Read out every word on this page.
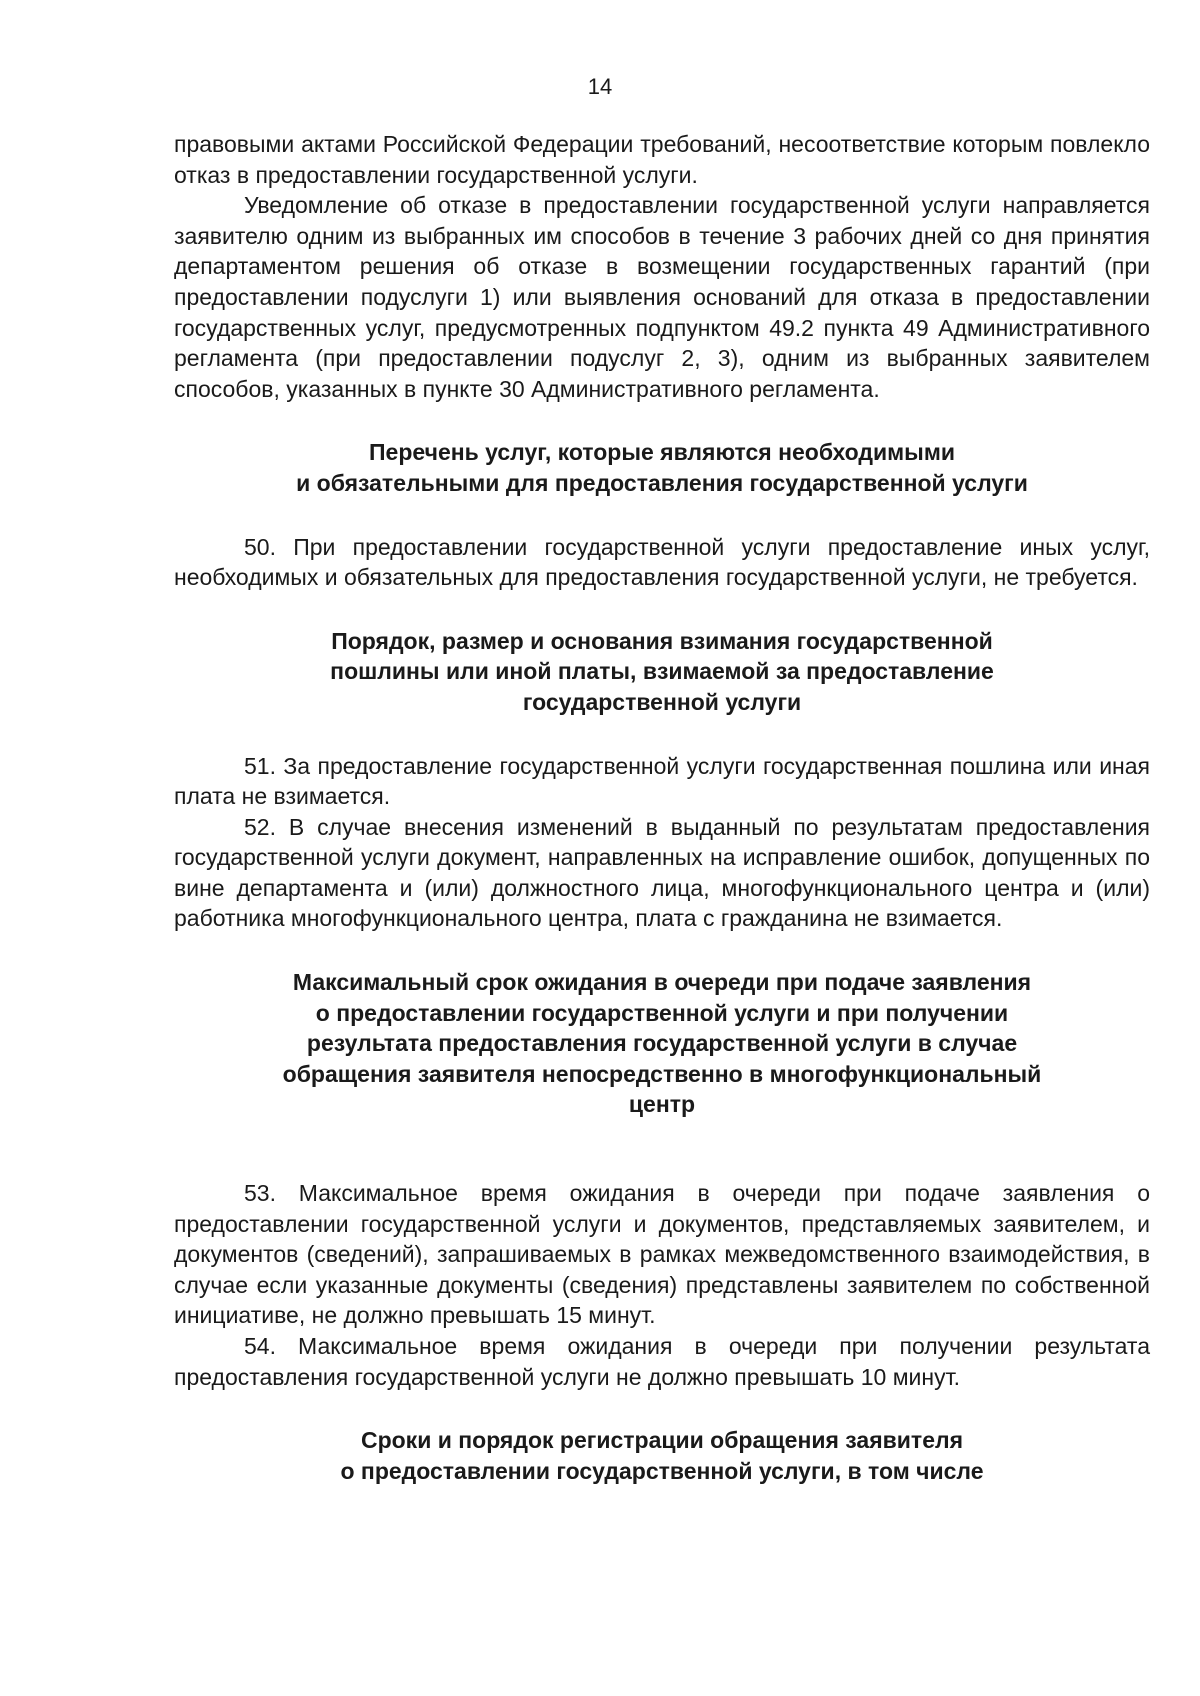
14

правовыми актами Российской Федерации требований, несоответствие которым повлекло отказ в предоставлении государственной услуги.

Уведомление об отказе в предоставлении государственной услуги направляется заявителю одним из выбранных им способов в течение 3 рабочих дней со дня принятия департаментом решения об отказе в возмещении государственных гарантий (при предоставлении подуслуги 1) или выявления оснований для отказа в предоставлении государственных услуг, предусмотренных подпунктом 49.2 пункта 49 Административного регламента (при предоставлении подуслуг 2, 3), одним из выбранных заявителем способов, указанных в пункте 30 Административного регламента.

Перечень услуг, которые являются необходимыми
и обязательными для предоставления государственной услуги

50. При предоставлении государственной услуги предоставление иных услуг, необходимых и обязательных для предоставления государственной услуги, не требуется.

Порядок, размер и основания взимания государственной
пошлины или иной платы, взимаемой за предоставление
государственной услуги

51. За предоставление государственной услуги государственная пошлина или иная плата не взимается.

52. В случае внесения изменений в выданный по результатам предоставления государственной услуги документ, направленных на исправление ошибок, допущенных по вине департамента и (или) должностного лица, многофункционального центра и (или) работника многофункционального центра, плата с гражданина не взимается.

Максимальный срок ожидания в очереди при подаче заявления
о предоставлении государственной услуги и при получении
результата предоставления государственной услуги в случае
обращения заявителя непосредственно в многофункциональный
центр

53. Максимальное время ожидания в очереди при подаче заявления о предоставлении государственной услуги и документов, представляемых заявителем, и документов (сведений), запрашиваемых в рамках межведомственного взаимодействия, в случае если указанные документы (сведения) представлены заявителем по собственной инициативе, не должно превышать 15 минут.

54. Максимальное время ожидания в очереди при получении результата предоставления государственной услуги не должно превышать 10 минут.

Сроки и порядок регистрации обращения заявителя
о предоставлении государственной услуги, в том числе
